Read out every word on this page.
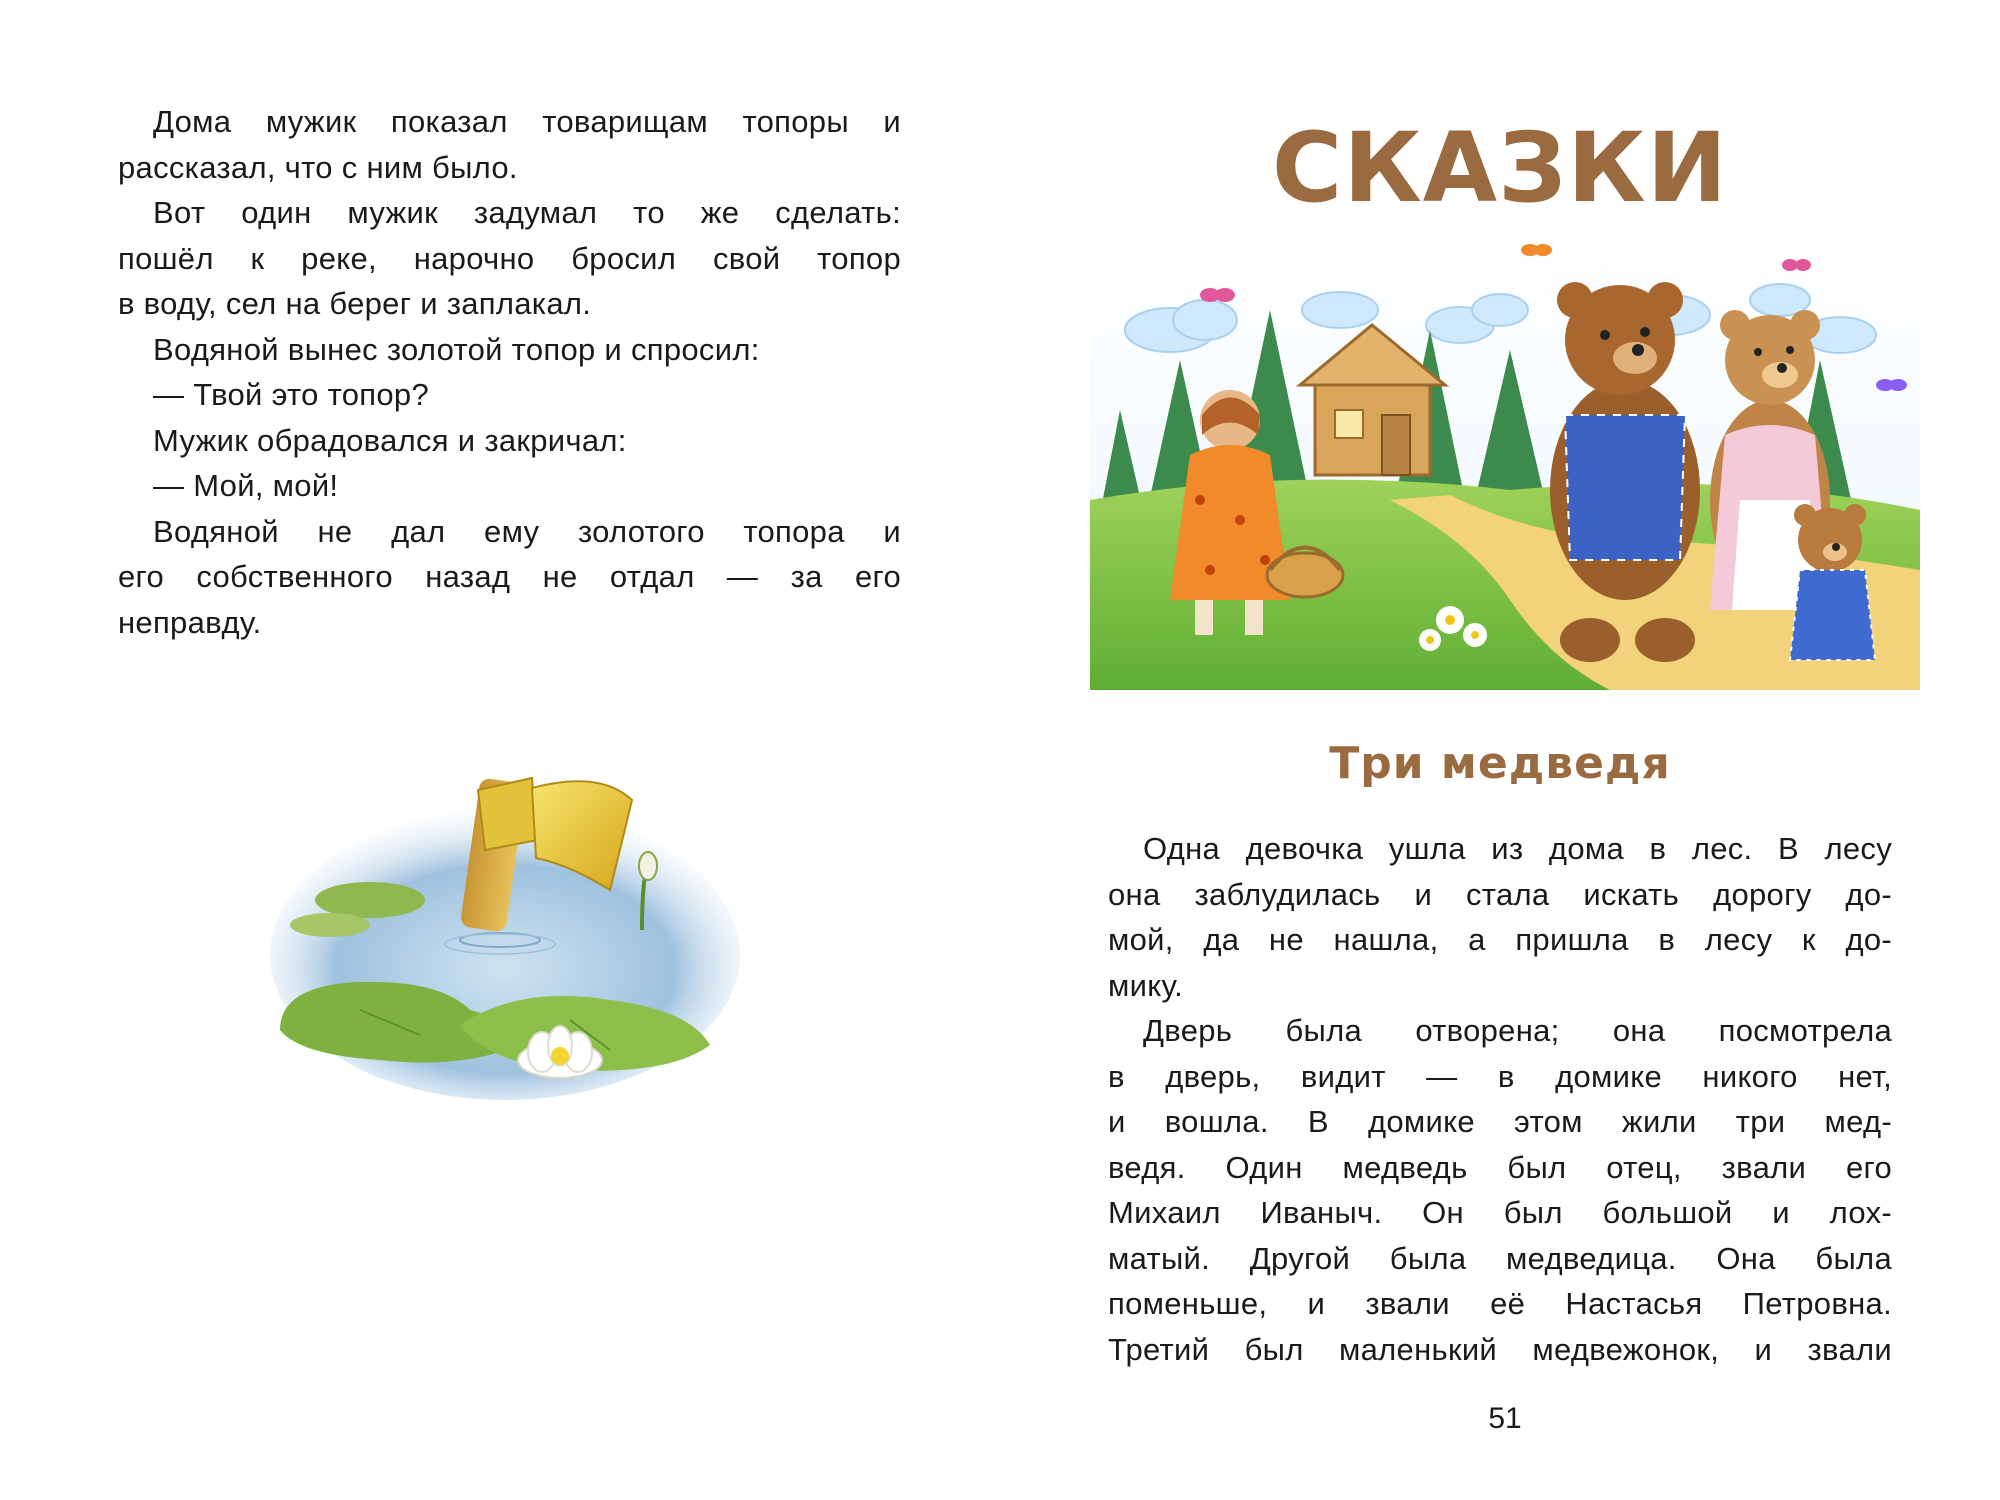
Дома мужик показал товарищам топоры и
рассказал, что с ним было.
Вот один мужик задумал то же сделать:
пошёл к реке, нарочно бросил свой топор
в воду, сел на берег и заплакал.
Водяной вынес золотой топор и спросил:
— Твой это топор?
Мужик обрадовался и закричал:
— Мой, мой!
Водяной не дал ему золотого топора и
его собственного назад не отдал — за его
неправду.
СКАЗКИ
Три медведя
Одна девочка ушла из дома в лес. В лесу
она заблудилась и стала искать дорогу до-
мой, да не нашла, а пришла в лесу к до-
мику.
Дверь была отворена; она посмотрела
в дверь, видит — в домике никого нет,
и вошла. В домике этом жили три мед-
ведя. Один медведь был отец, звали его
Михаил Иваныч. Он был большой и лох-
матый. Другой была медведица. Она была
поменьше, и звали её Настасья Петровна.
Третий был маленький медвежонок, и звали
51
